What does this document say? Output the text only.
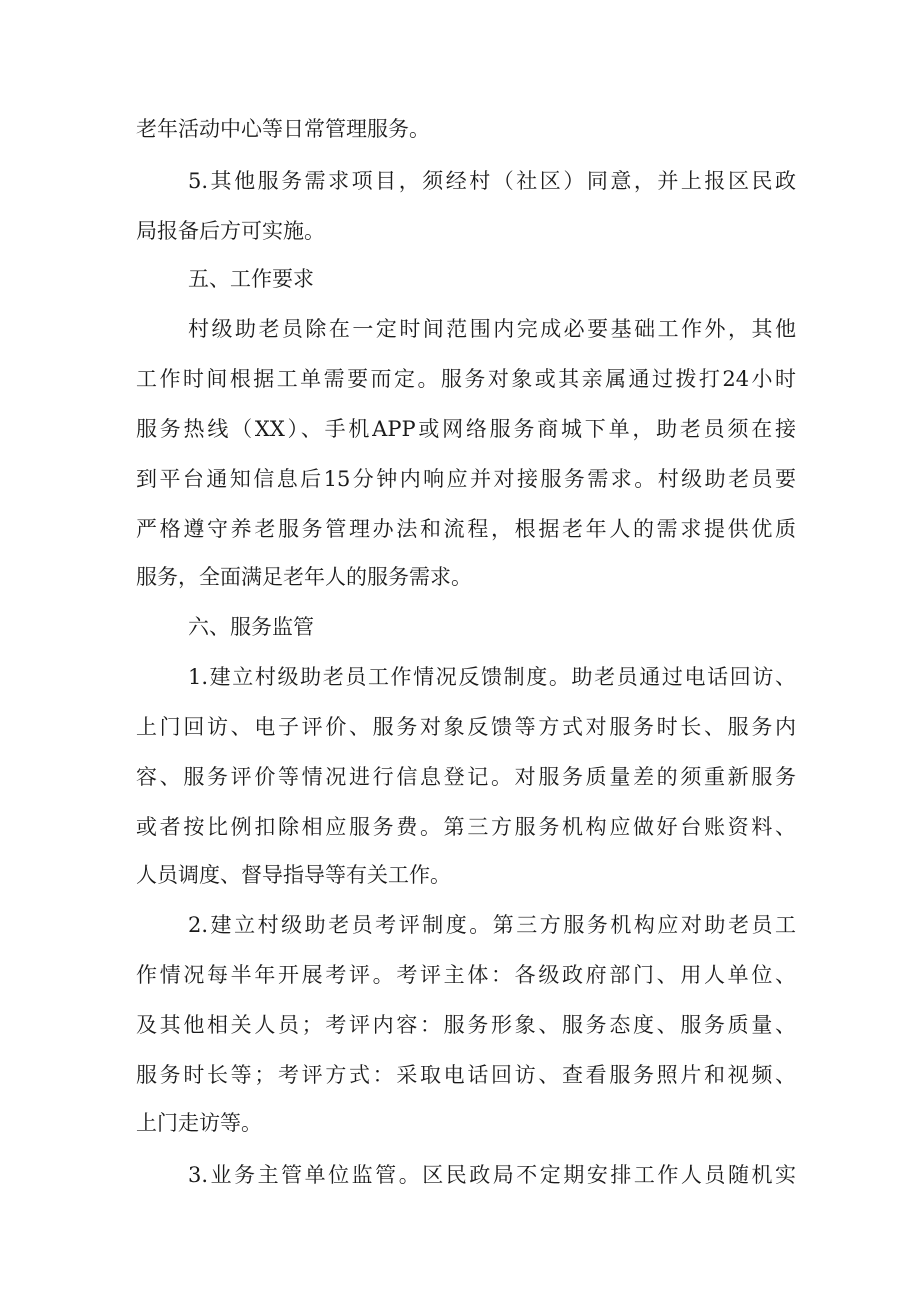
老年活动中心等日常管理服务。
5.其他服务需求项目，须经村（社区）同意，并上报区民政
局报备后方可实施。
五、工作要求
村级助老员除在一定时间范围内完成必要基础工作外，其他
工作时间根据工单需要而定。服务对象或其亲属通过拨打24小时
服务热线（XX）、手机APP或网络服务商城下单，助老员须在接
到平台通知信息后15分钟内响应并对接服务需求。村级助老员要
严格遵守养老服务管理办法和流程，根据老年人的需求提供优质
服务，全面满足老年人的服务需求。
六、服务监管
1.建立村级助老员工作情况反馈制度。助老员通过电话回访、
上门回访、电子评价、服务对象反馈等方式对服务时长、服务内
容、服务评价等情况进行信息登记。对服务质量差的须重新服务
或者按比例扣除相应服务费。第三方服务机构应做好台账资料、
人员调度、督导指导等有关工作。
2.建立村级助老员考评制度。第三方服务机构应对助老员工
作情况每半年开展考评。考评主体：各级政府部门、用人单位、
及其他相关人员；考评内容：服务形象、服务态度、服务质量、
服务时长等；考评方式：采取电话回访、查看服务照片和视频、
上门走访等。
3.业务主管单位监管。区民政局不定期安排工作人员随机实
